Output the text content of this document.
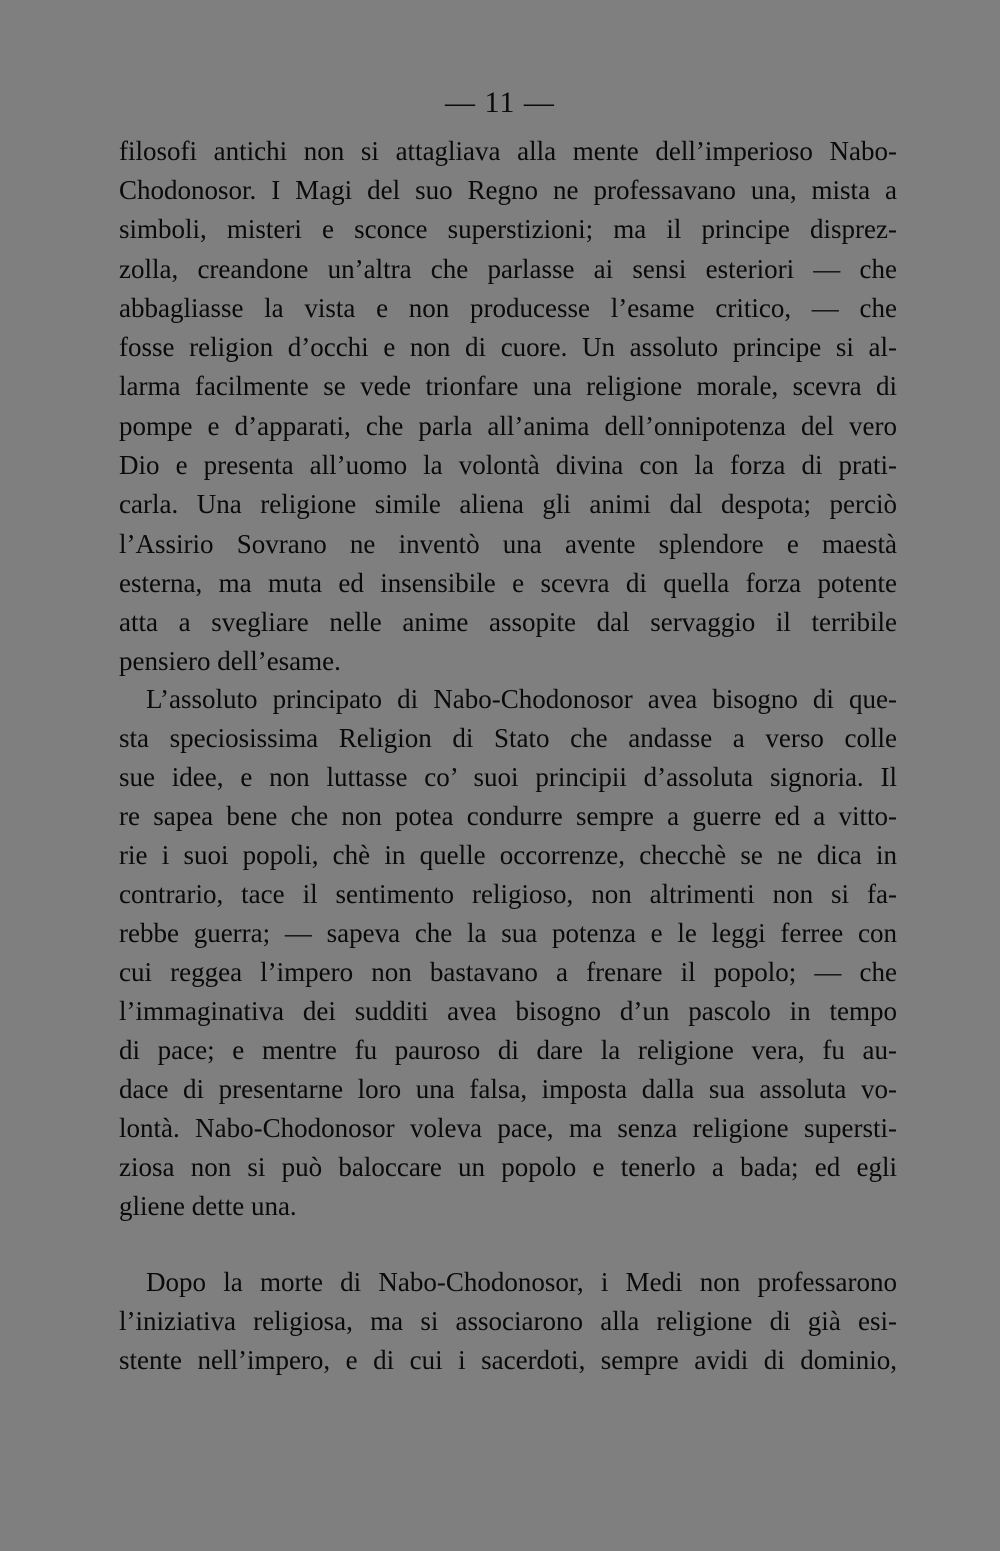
— 11 —
filosofi antichi non si attagliava alla mente dell’imperioso Nabo-
Chodonosor. I Magi del suo Regno ne professavano una, mista a
simboli, misteri e sconce superstizioni; ma il principe disprez-
zolla, creandone un’altra che parlasse ai sensi esteriori — che
abbagliasse la vista e non producesse l’esame critico, — che
fosse religion d’occhi e non di cuore. Un assoluto principe si al-
larma facilmente se vede trionfare una religione morale, scevra di
pompe e d’apparati, che parla all’anima dell’onnipotenza del vero
Dio e presenta all’uomo la volontà divina con la forza di prati-
carla. Una religione simile aliena gli animi dal despota; perciò
l’Assirio Sovrano ne inventò una avente splendore e maestà
esterna, ma muta ed insensibile e scevra di quella forza potente
atta a svegliare nelle anime assopite dal servaggio il terribile
pensiero dell’esame.
L’assoluto principato di Nabo-Chodonosor avea bisogno di que-
sta speciosissima Religion di Stato che andasse a verso colle
sue idee, e non luttasse co’ suoi principii d’assoluta signoria. Il
re sapea bene che non potea condurre sempre a guerre ed a vitto-
rie i suoi popoli, chè in quelle occorrenze, checchè se ne dica in
contrario, tace il sentimento religioso, non altrimenti non si fa-
rebbe guerra; — sapeva che la sua potenza e le leggi ferree con
cui reggea l’impero non bastavano a frenare il popolo; — che
l’immaginativa dei sudditi avea bisogno d’un pascolo in tempo
di pace; e mentre fu pauroso di dare la religione vera, fu au-
dace di presentarne loro una falsa, imposta dalla sua assoluta vo-
lontà. Nabo-Chodonosor voleva pace, ma senza religione supersti-
ziosa non si può baloccare un popolo e tenerlo a bada; ed egli
gliene dette una.
Dopo la morte di Nabo-Chodonosor, i Medi non professarono
l’iniziativa religiosa, ma si associarono alla religione di già esi-
stente nell’impero, e di cui i sacerdoti, sempre avidi di dominio,
